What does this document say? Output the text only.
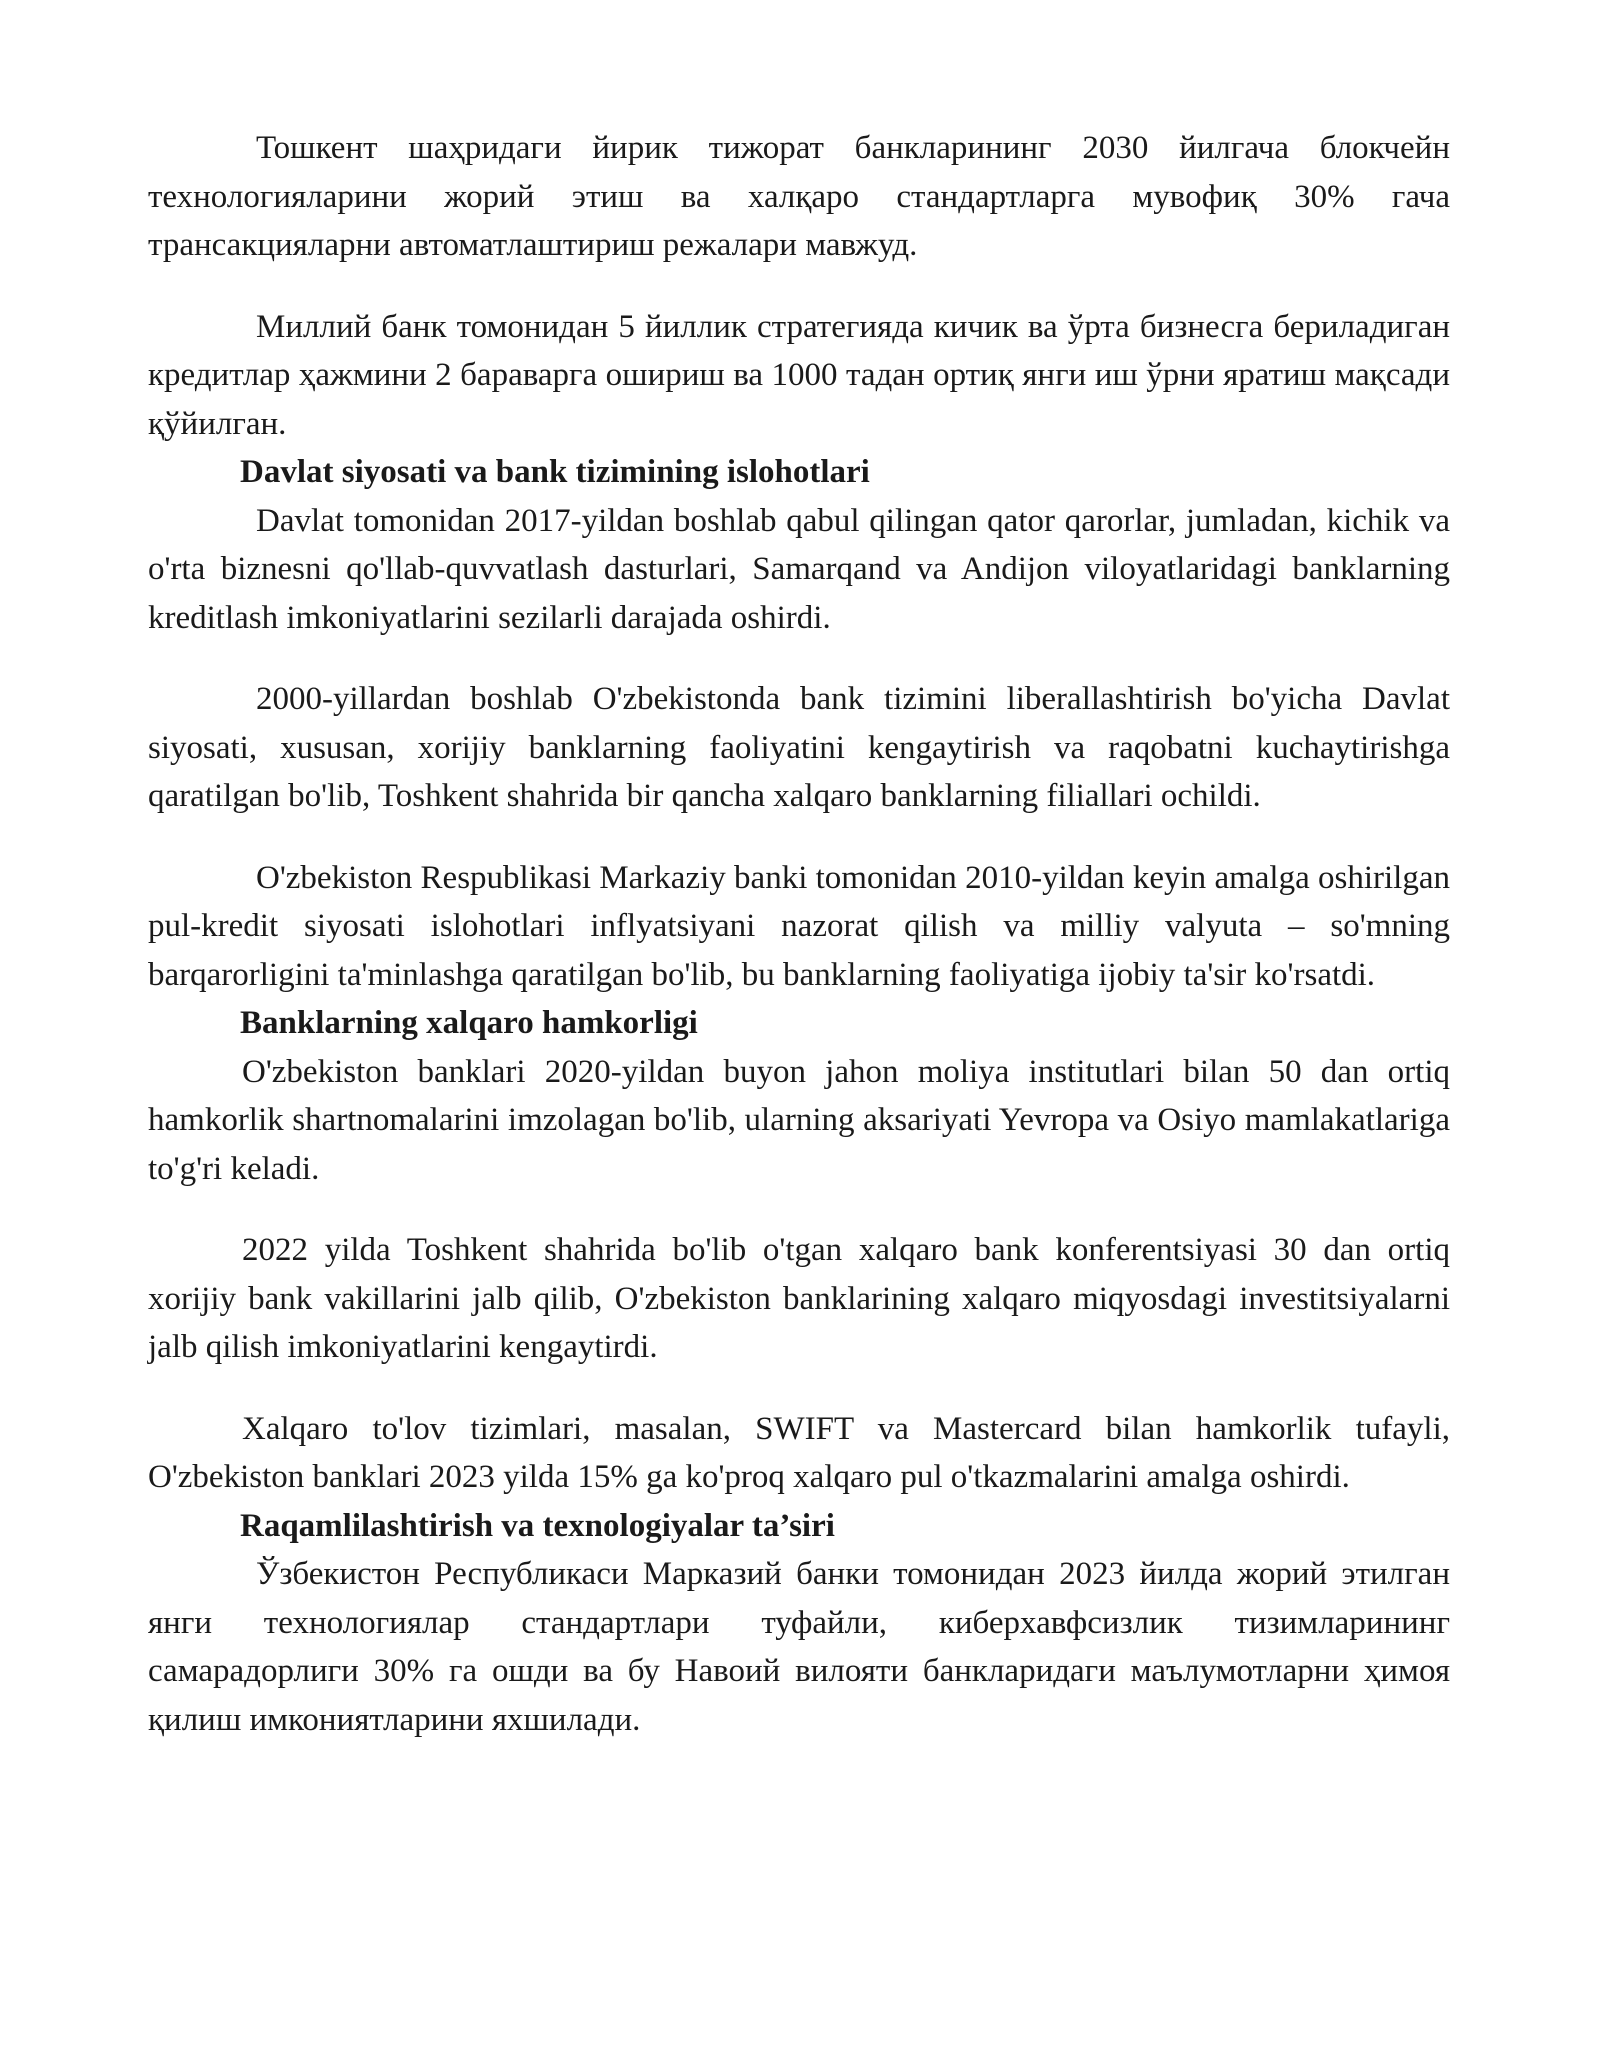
Тошкент шаҳридаги йирик тижорат банкларининг 2030 йилгача блокчейн технологияларини жорий этиш ва халқаро стандартларга мувофиқ 30% гача трансакцияларни автоматлаштириш режалари мавжуд.

Миллий банк томонидан 5 йиллик стратегияда кичик ва ўрта бизнесга бериладиган кредитлар ҳажмини 2 бараварга ошириш ва 1000 тадан ортиқ янги иш ўрни яратиш мақсади қўйилган.

Davlat siyosati va bank tizimining islohotlari

Davlat tomonidan 2017-yildan boshlab qabul qilingan qator qarorlar, jumladan, kichik va o'rta biznesni qo'llab-quvvatlash dasturlari, Samarqand va Andijon viloyatlaridagi banklarning kreditlash imkoniyatlarini sezilarli darajada oshirdi.

2000-yillardan boshlab O'zbekistonda bank tizimini liberallashtirish bo'yicha Davlat siyosati, xususan, xorijiy banklarning faoliyatini kengaytirish va raqobatni kuchaytirishga qaratilgan bo'lib, Toshkent shahrida bir qancha xalqaro banklarning filiallari ochildi.

O'zbekiston Respublikasi Markaziy banki tomonidan 2010-yildan keyin amalga oshirilgan pul-kredit siyosati islohotlari inflyatsiyani nazorat qilish va milliy valyuta – so'mning barqarorligini ta'minlashga qaratilgan bo'lib, bu banklarning faoliyatiga ijobiy ta'sir ko'rsatdi.

Banklarning xalqaro hamkorligi

O'zbekiston banklari 2020-yildan buyon jahon moliya institutlari bilan 50 dan ortiq hamkorlik shartnomalarini imzolagan bo'lib, ularning aksariyati Yevropa va Osiyo mamlakatlariga to'g'ri keladi.

2022 yilda Toshkent shahrida bo'lib o'tgan xalqaro bank konferentsiyasi 30 dan ortiq xorijiy bank vakillarini jalb qilib, O'zbekiston banklarining xalqaro miqyosdagi investitsiyalarni jalb qilish imkoniyatlarini kengaytirdi.

Xalqaro to'lov tizimlari, masalan, SWIFT va Mastercard bilan hamkorlik tufayli, O'zbekiston banklari 2023 yilda 15% ga ko'proq xalqaro pul o'tkazmalarini amalga oshirdi.

Raqamlilashtirish va texnologiyalar ta’siri

Ўзбекистон Республикаси Марказий банки томонидан 2023 йилда жорий этилган янги технологиялар стандартлари туфайли, киберхавфсизлик тизимларининг самарадорлиги 30% га ошди ва бу Навоий вилояти банкларидаги маълумотларни ҳимоя қилиш имкониятларини яхшилади.
